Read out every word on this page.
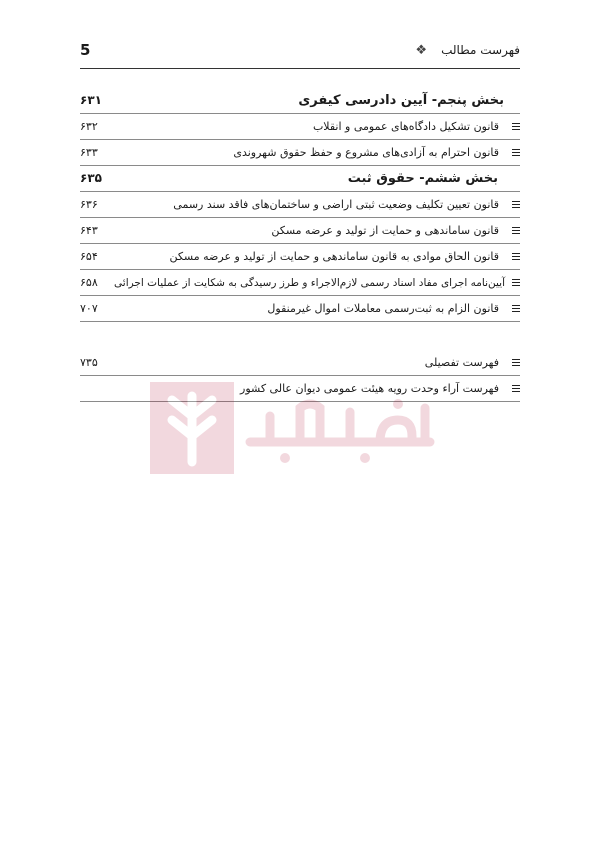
فهرست مطالب
❖
5
بخش پنجم- آیین دادرسی کیفری
۶۳۱
قانون تشکیل دادگاه‌های عمومی و انقلاب
۶۳۲
قانون احترام به آزادی‌های مشروع و حفظ حقوق شهروندی
۶۳۳
بخش ششم- حقوق ثبت
۶۳۵
قانون تعیین تکلیف وضعیت ثبتی اراضی و ساختمان‌های فاقد سند رسمی
۶۳۶
قانون ساماندهی و حمایت از تولید و عرضه مسکن
۶۴۳
قانون الحاق موادی به قانون ساماندهی و حمایت از تولید و عرضه مسکن
۶۵۴
آیین‌نامه اجرای مفاد اسناد رسمی لازم‌الاجراء و طرز رسیدگی به شکایت از عملیات اجرائی
۶۵۸
قانون الزام به ثبت‌رسمی معاملات اموال غیرمنقول
۷۰۷
فهرست تفصیلی
۷۳۵
فهرست آراء وحدت رویه هیئت عمومی دیوان عالی کشور
